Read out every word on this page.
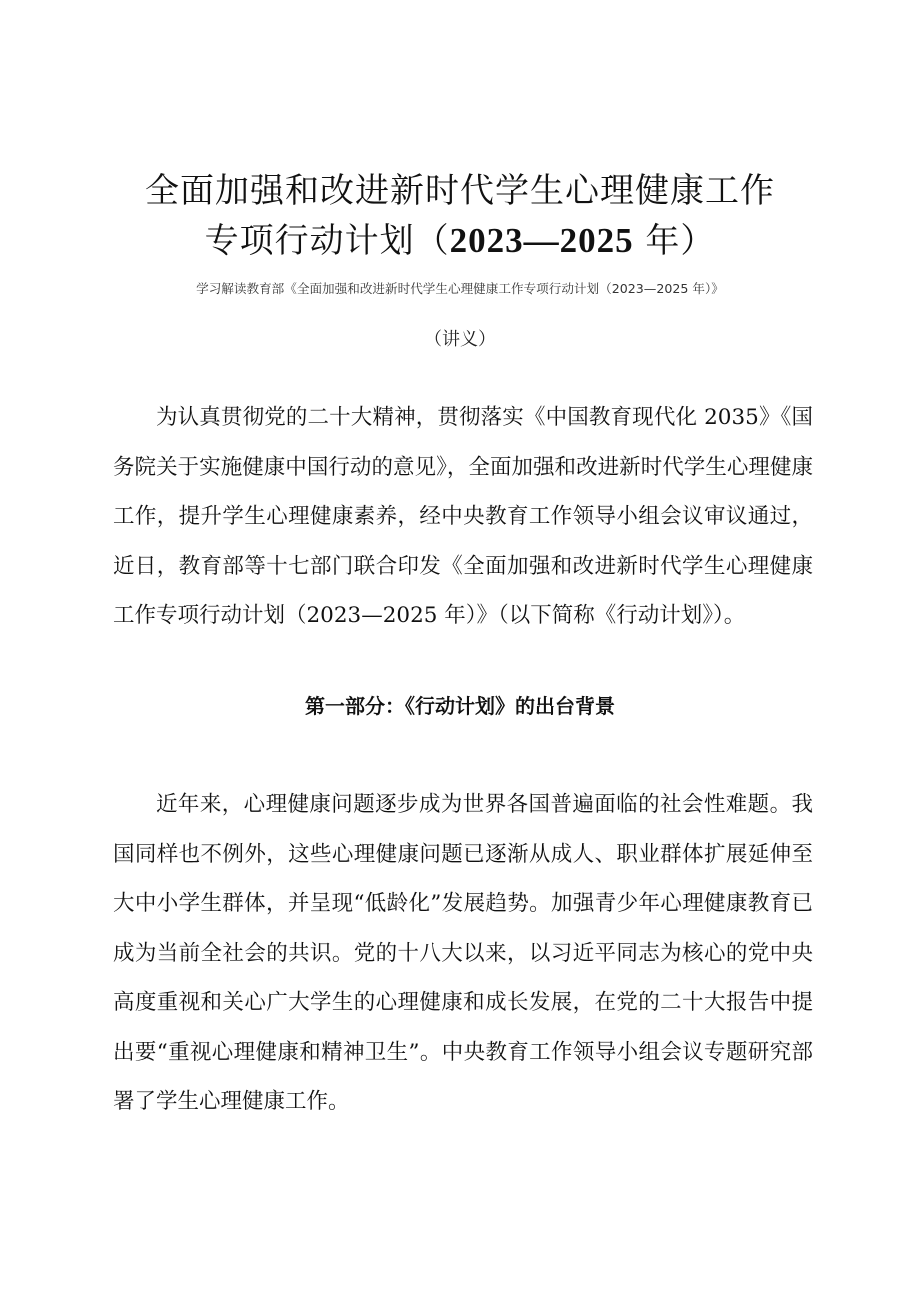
全面加强和改进新时代学生心理健康工作
专项行动计划（2023—2025 年）
学习解读教育部《全面加强和改进新时代学生心理健康工作专项行动计划（2023—2025 年）》
（讲义）

为认真贯彻党的二十大精神，贯彻落实《中国教育现代化 2035》《国务院关于实施健康中国行动的意见》，全面加强和改进新时代学生心理健康工作，提升学生心理健康素养，经中央教育工作领导小组会议审议通过，近日，教育部等十七部门联合印发《全面加强和改进新时代学生心理健康工作专项行动计划（2023—2025 年）》（以下简称《行动计划》）。

第一部分：《行动计划》的出台背景

近年来，心理健康问题逐步成为世界各国普遍面临的社会性难题。我国同样也不例外，这些心理健康问题已逐渐从成人、职业群体扩展延伸至大中小学生群体，并呈现“低龄化”发展趋势。加强青少年心理健康教育已成为当前全社会的共识。党的十八大以来，以习近平同志为核心的党中央高度重视和关心广大学生的心理健康和成长发展，在党的二十大报告中提出要“重视心理健康和精神卫生”。中央教育工作领导小组会议专题研究部署了学生心理健康工作。
